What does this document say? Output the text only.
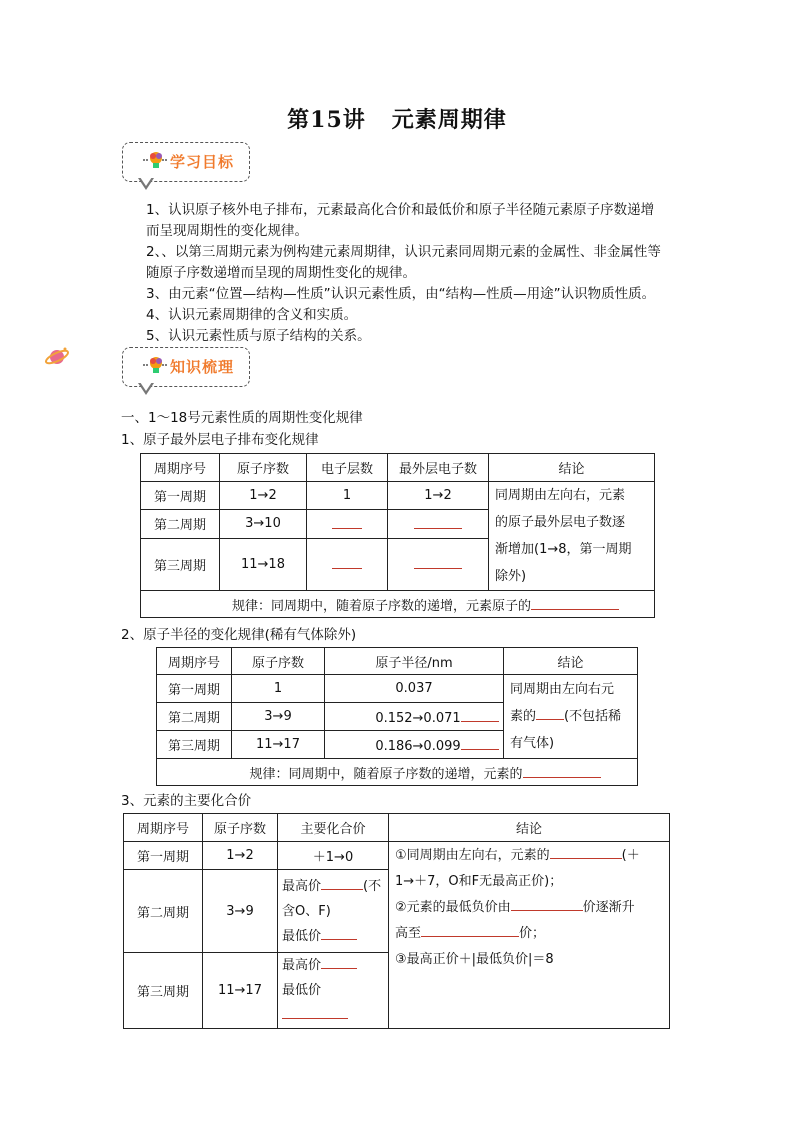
第15讲 元素周期律
学习目标
1、认识原子核外电子排布，元素最高化合价和最低价和原子半径随元素原子序数递增
而呈现周期性的变化规律。
2、、以第三周期元素为例构建元素周期律，认识元素同周期元素的金属性、非金属性等
随原子序数递增而呈现的周期性变化的规律。
3、由元素“位置—结构—性质”认识元素性质，由“结构—性质—用途”认识物质性质。
4、认识元素周期律的含义和实质。
5、认识元素性质与原子结构的关系。
知识梳理
一、1～18号元素性质的周期性变化规律
1、原子最外层电子排布变化规律
周期序号	原子序数	电子层数	最外层电子数	结论
第一周期	1→2	1	1→2	同周期由左向右，元素
的原子最外层电子数逐
渐增加(1→8，第一周期
除外)

第二周期	3→10			
第三周期	11→18			
规律：同周期中，随着原子序数的递增，元素原子的				
2、原子半径的变化规律(稀有气体除外)
周期序号	原子序数	原子半径/nm	结论
第一周期	1	0.037	同周期由左向右元
素的 (不包括稀
有气体)

第二周期	3→9	0.152→0.071	
第三周期	11→17	0.186→0.099	
规律：同周期中，随着原子序数的递增，元素的			
3、元素的主要化合价
周期序号	原子序数	主要化合价	结论
第一周期	1→2	＋1→0	①同周期由左向右，元素的 (＋
1→＋7，O和F无最高正价)；
②元素的最低负价由 价逐渐升
高至 价；
③最高正价＋|最低负价|＝8

第二周期	3→9	最高价 (不
含O、F)
最低价	

第三周期	11→17	最高价
最低价	
